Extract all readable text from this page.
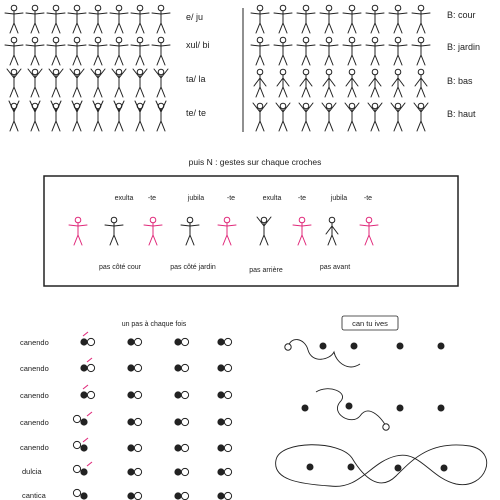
e/ ju
xul/ bi
ta/ la
te/ te
B: cour
B: jardin
B: bas
B: haut
puis N : gestes sur chaque croches
exulta -te	jubila	-te	exulta -te	jubila -te
pas côté cour	pas côté jardin	pas arrière	pas avant
un pas à chaque fois
canendo
canendo
canendo
canendo
canendo
dulcia
cantica
can tu ives
